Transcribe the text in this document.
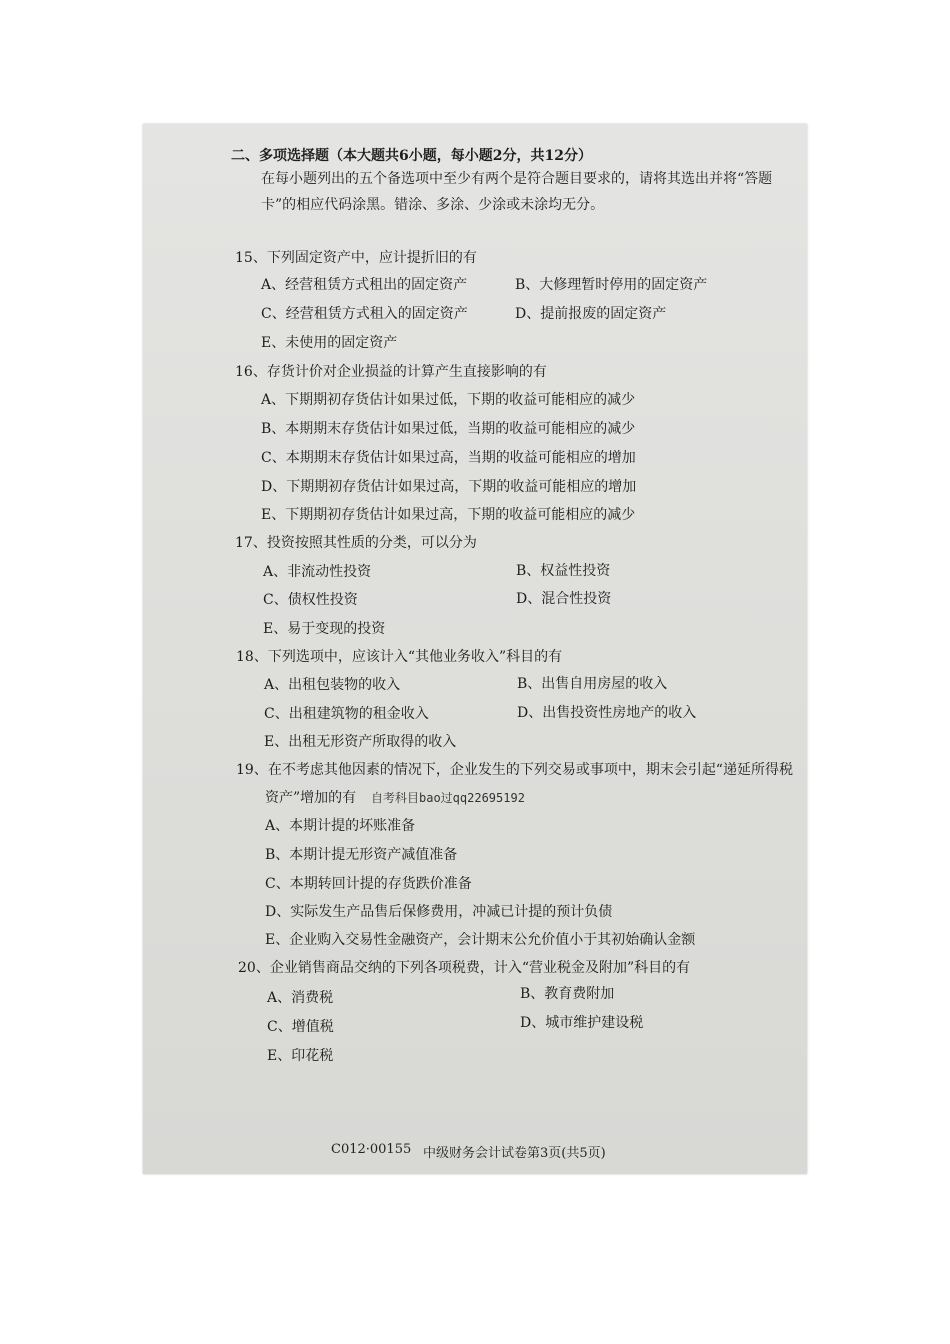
二、多项选择题（本大题共6小题，每小题2分，共12分）
在每小题列出的五个备选项中至少有两个是符合题目要求的，请将其选出并将“答题
卡”的相应代码涂黑。错涂、多涂、少涂或未涂均无分。
15、下列固定资产中，应计提折旧的有
A、经营租赁方式租出的固定资产	B、大修理暂时停用的固定资产
C、经营租赁方式租入的固定资产	D、提前报废的固定资产
E、未使用的固定资产
16、存货计价对企业损益的计算产生直接影响的有
A、下期期初存货估计如果过低，下期的收益可能相应的减少
B、本期期末存货估计如果过低，当期的收益可能相应的减少
C、本期期末存货估计如果过高，当期的收益可能相应的增加
D、下期期初存货估计如果过高，下期的收益可能相应的增加
E、下期期初存货估计如果过高，下期的收益可能相应的减少
17、投资按照其性质的分类，可以分为
A、非流动性投资	B、权益性投资
C、债权性投资	D、混合性投资
E、易于变现的投资
18、下列选项中，应该计入“其他业务收入”科目的有
A、出租包装物的收入	B、出售自用房屋的收入
C、出租建筑物的租金收入	D、出售投资性房地产的收入
E、出租无形资产所取得的收入
19、在不考虑其他因素的情况下，企业发生的下列交易或事项中，期末会引起“递延所得税
资产”增加的有 自考科目bao过qq22695192
A、本期计提的坏账准备
B、本期计提无形资产减值准备
C、本期转回计提的存货跌价准备
D、实际发生产品售后保修费用，冲减已计提的预计负债
E、企业购入交易性金融资产，会计期末公允价值小于其初始确认金额
20、企业销售商品交纳的下列各项税费，计入“营业税金及附加”科目的有
A、消费税	B、教育费附加
C、增值税	D、城市维护建设税
E、印花税
C012·00155 中级财务会计试卷第3页(共5页)
